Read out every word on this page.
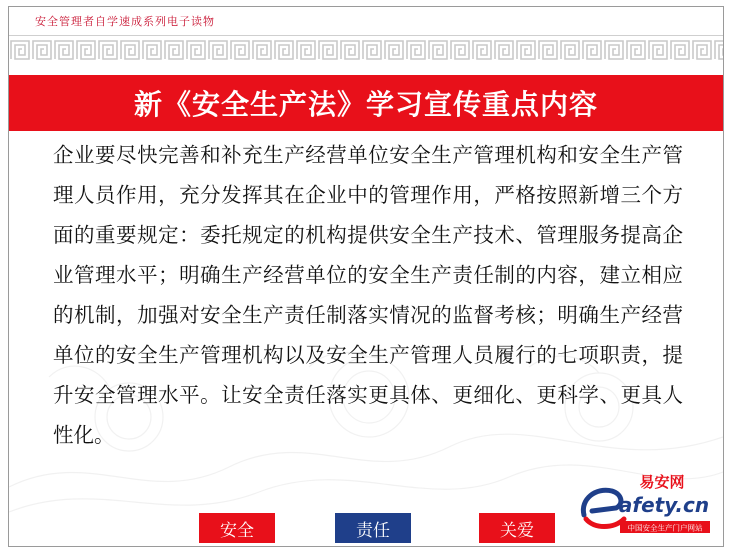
安全管理者自学速成系列电子读物
新《安全生产法》学习宣传重点内容
企业要尽快完善和补充生产经营单位安全生产管理机构和安全生产管理人员作用，充分发挥其在企业中的管理作用，严格按照新增三个方面的重要规定：委托规定的机构提供安全生产技术、管理服务提高企业管理水平；明确生产经营单位的安全生产责任制的内容，建立相应的机制，加强对安全生产责任制落实情况的监督考核；明确生产经营单位的安全生产管理机构以及安全生产管理人员履行的七项职责，提升安全管理水平。让安全责任落实更具体、更细化、更科学、更具人性化。
安全	责任	关爱
易安网
afety.cn
中国安全生产门户网站
